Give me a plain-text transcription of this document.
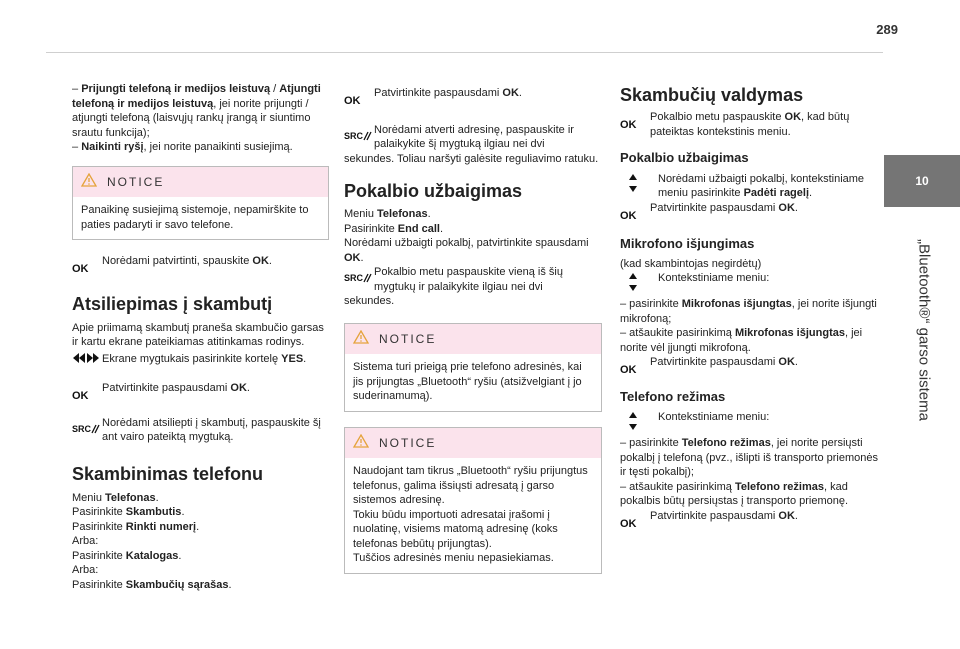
289
10
„Bluetooth®“ garso sistema

– Prijungti telefoną ir medijos leistuvą / Atjungti telefoną ir medijos leistuvą, jei norite prijungti / atjungti telefoną (laisvųjų rankų įrangą ir siuntimo srautu funkcija);

– Naikinti ryšį, jei norite panaikinti susiejimą.

NOTICE
Panaikinę susiejimą sistemoje, nepamirškite to paties padaryti ir savo telefone.
OK
Norėdami patvirtinti, spauskite OK.
Atsiliepimas į skambutį

Apie priimamą skambutį praneša skambučio garsas ir kartu ekrane pateikiamas atitinkamas rodinys.

Ekrane mygtukais pasirinkite kortelę YES.
OK
Patvirtinkite paspausdami OK.
SRC Norėdami atsiliepti į skambutį, paspauskite šį ant vairo pateiktą mygtuką.
Skambinimas telefonu

Meniu Telefonas.

Pasirinkite Skambutis.

Pasirinkite Rinkti numerį.

Arba:

Pasirinkite Katalogas.

Arba:

Pasirinkite Skambučių sąrašas.

OK
Patvirtinkite paspausdami OK.
SRC Norėdami atverti adresinę, paspauskite ir palaikykite šį mygtuką ilgiau nei dvi

sekundes. Toliau naršyti galėsite reguliavimo ratuku.

Pokalbio užbaigimas

Meniu Telefonas.

Pasirinkite End call.

Norėdami užbaigti pokalbį, patvirtinkite spausdami OK.

SRC Pokalbio metu paspauskite vieną iš šių mygtukų ir palaikykite ilgiau nei dvi

sekundes.

NOTICE
Sistema turi prieigą prie telefono adresinės, kai jis prijungtas „Bluetooth“ ryšiu (atsižvelgiant į jo suderinamumą).
NOTICE

Naudojant tam tikrus „Bluetooth“ ryšiu prijungtus telefonus, galima išsiųsti adresatą į garso sistemos adresinę.

Tokiu būdu importuoti adresatai įrašomi į nuolatinę, visiems matomą adresinę (koks telefonas bebūtų prijungtas).

Tuščios adresinės meniu nepasiekiamas.

Skambučių valdymas
OK
Pokalbio metu paspauskite OK, kad būtų pateiktas kontekstinis meniu.
Pokalbio užbaigimas
Norėdami užbaigti pokalbį, kontekstiniame meniu pasirinkite Padėti ragelį.
OK
Patvirtinkite paspausdami OK.
Mikrofono išjungimas

(kad skambintojas negirdėtų)

Kontekstiniame meniu:

– pasirinkite Mikrofonas išjungtas, jei norite išjungti mikrofoną;

– atšaukite pasirinkimą Mikrofonas išjungtas, jei norite vėl įjungti mikrofoną.

OK
Patvirtinkite paspausdami OK.
Telefono režimas
Kontekstiniame meniu:

– pasirinkite Telefono režimas, jei norite persiųsti pokalbį į telefoną (pvz., išlipti iš transporto priemonės ir tęsti pokalbį);

– atšaukite pasirinkimą Telefono režimas, kad pokalbis būtų persiųstas į transporto priemonę.

OK
Patvirtinkite paspausdami OK.
